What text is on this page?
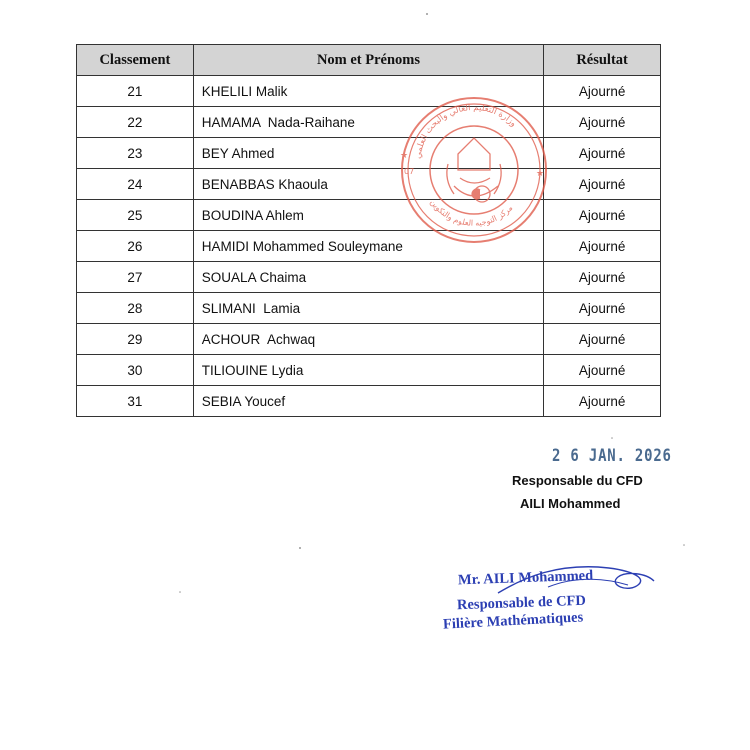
Classement	Nom et Prénoms	Résultat
21	KHELILI Malik	Ajourné
22	HAMAMA  Nada-Raihane	Ajourné
23	BEY Ahmed	Ajourné
24	BENABBAS Khaoula	Ajourné
25	BOUDINA Ahlem	Ajourné
26	HAMIDI Mohammed Souleymane	Ajourné
27	SOUALA Chaima	Ajourné
28	SLIMANI  Lamia	Ajourné
29	ACHOUR  Achwaq	Ajourné
30	TILIOUINE Lydia	Ajourné
31	SEBIA Youcef	Ajourné
وزارة التعليم العالي والبحث العلمي
مركز التوجيه العلوم والتكوين
07	★
★
2 6 JAN. 2026
Responsable du CFD
AILI Mohammed
Mr. AILI Mohammed
Responsable de CFD
Filière Mathématiques
